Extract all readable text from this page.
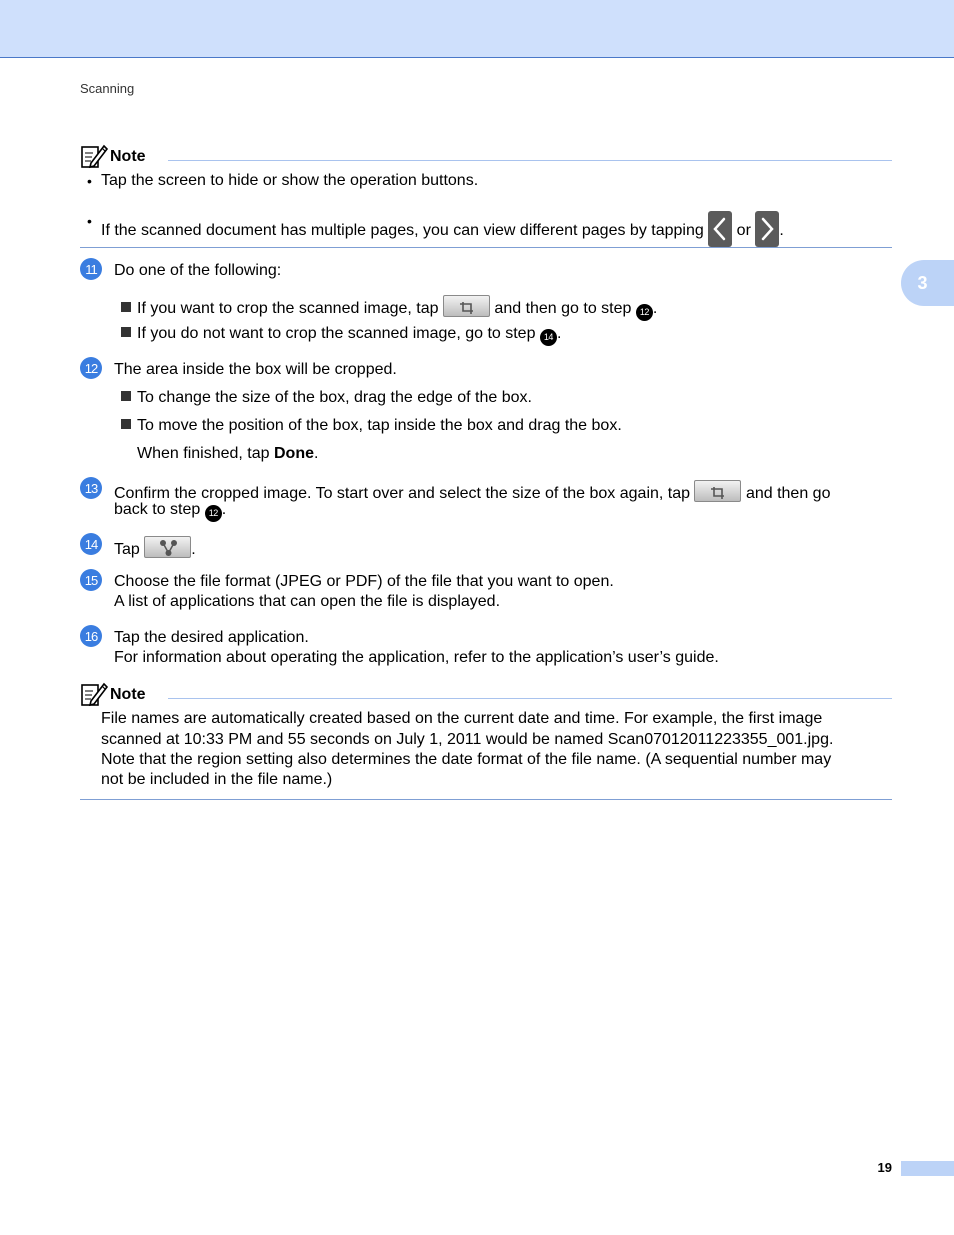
Scanning
3
Note
• Tap the screen to hide or show the operation buttons.
•
If the scanned document has multiple pages, you can view different pages by tapping or .
11	Do one of the following:
If you want to crop the scanned image, tap	and then go to step 12 .
If you do not want to crop the scanned image, go to step 14 .
12 The area inside the box will be cropped.
To change the size of the box, drag the edge of the box.
To move the position of the box, tap inside the box and drag the box.
When finished, tap Done.
13 Confirm the cropped image. To start over and select the size of the box again, tap	and then go
back to step 12 .
14 Tap	.
15 Choose the file format (JPEG or PDF) of the file that you want to open.
A list of applications that can open the file is displayed.
16 Tap the desired application.
For information about operating the application, refer to the application’s user’s guide.
Note
File names are automatically created based on the current date and time. For example, the first image
scanned at 10:33 PM and 55 seconds on July 1, 2011 would be named Scan07012011223355_001.jpg.
Note that the region setting also determines the date format of the file name. (A sequential number may
not be included in the file name.)
19
